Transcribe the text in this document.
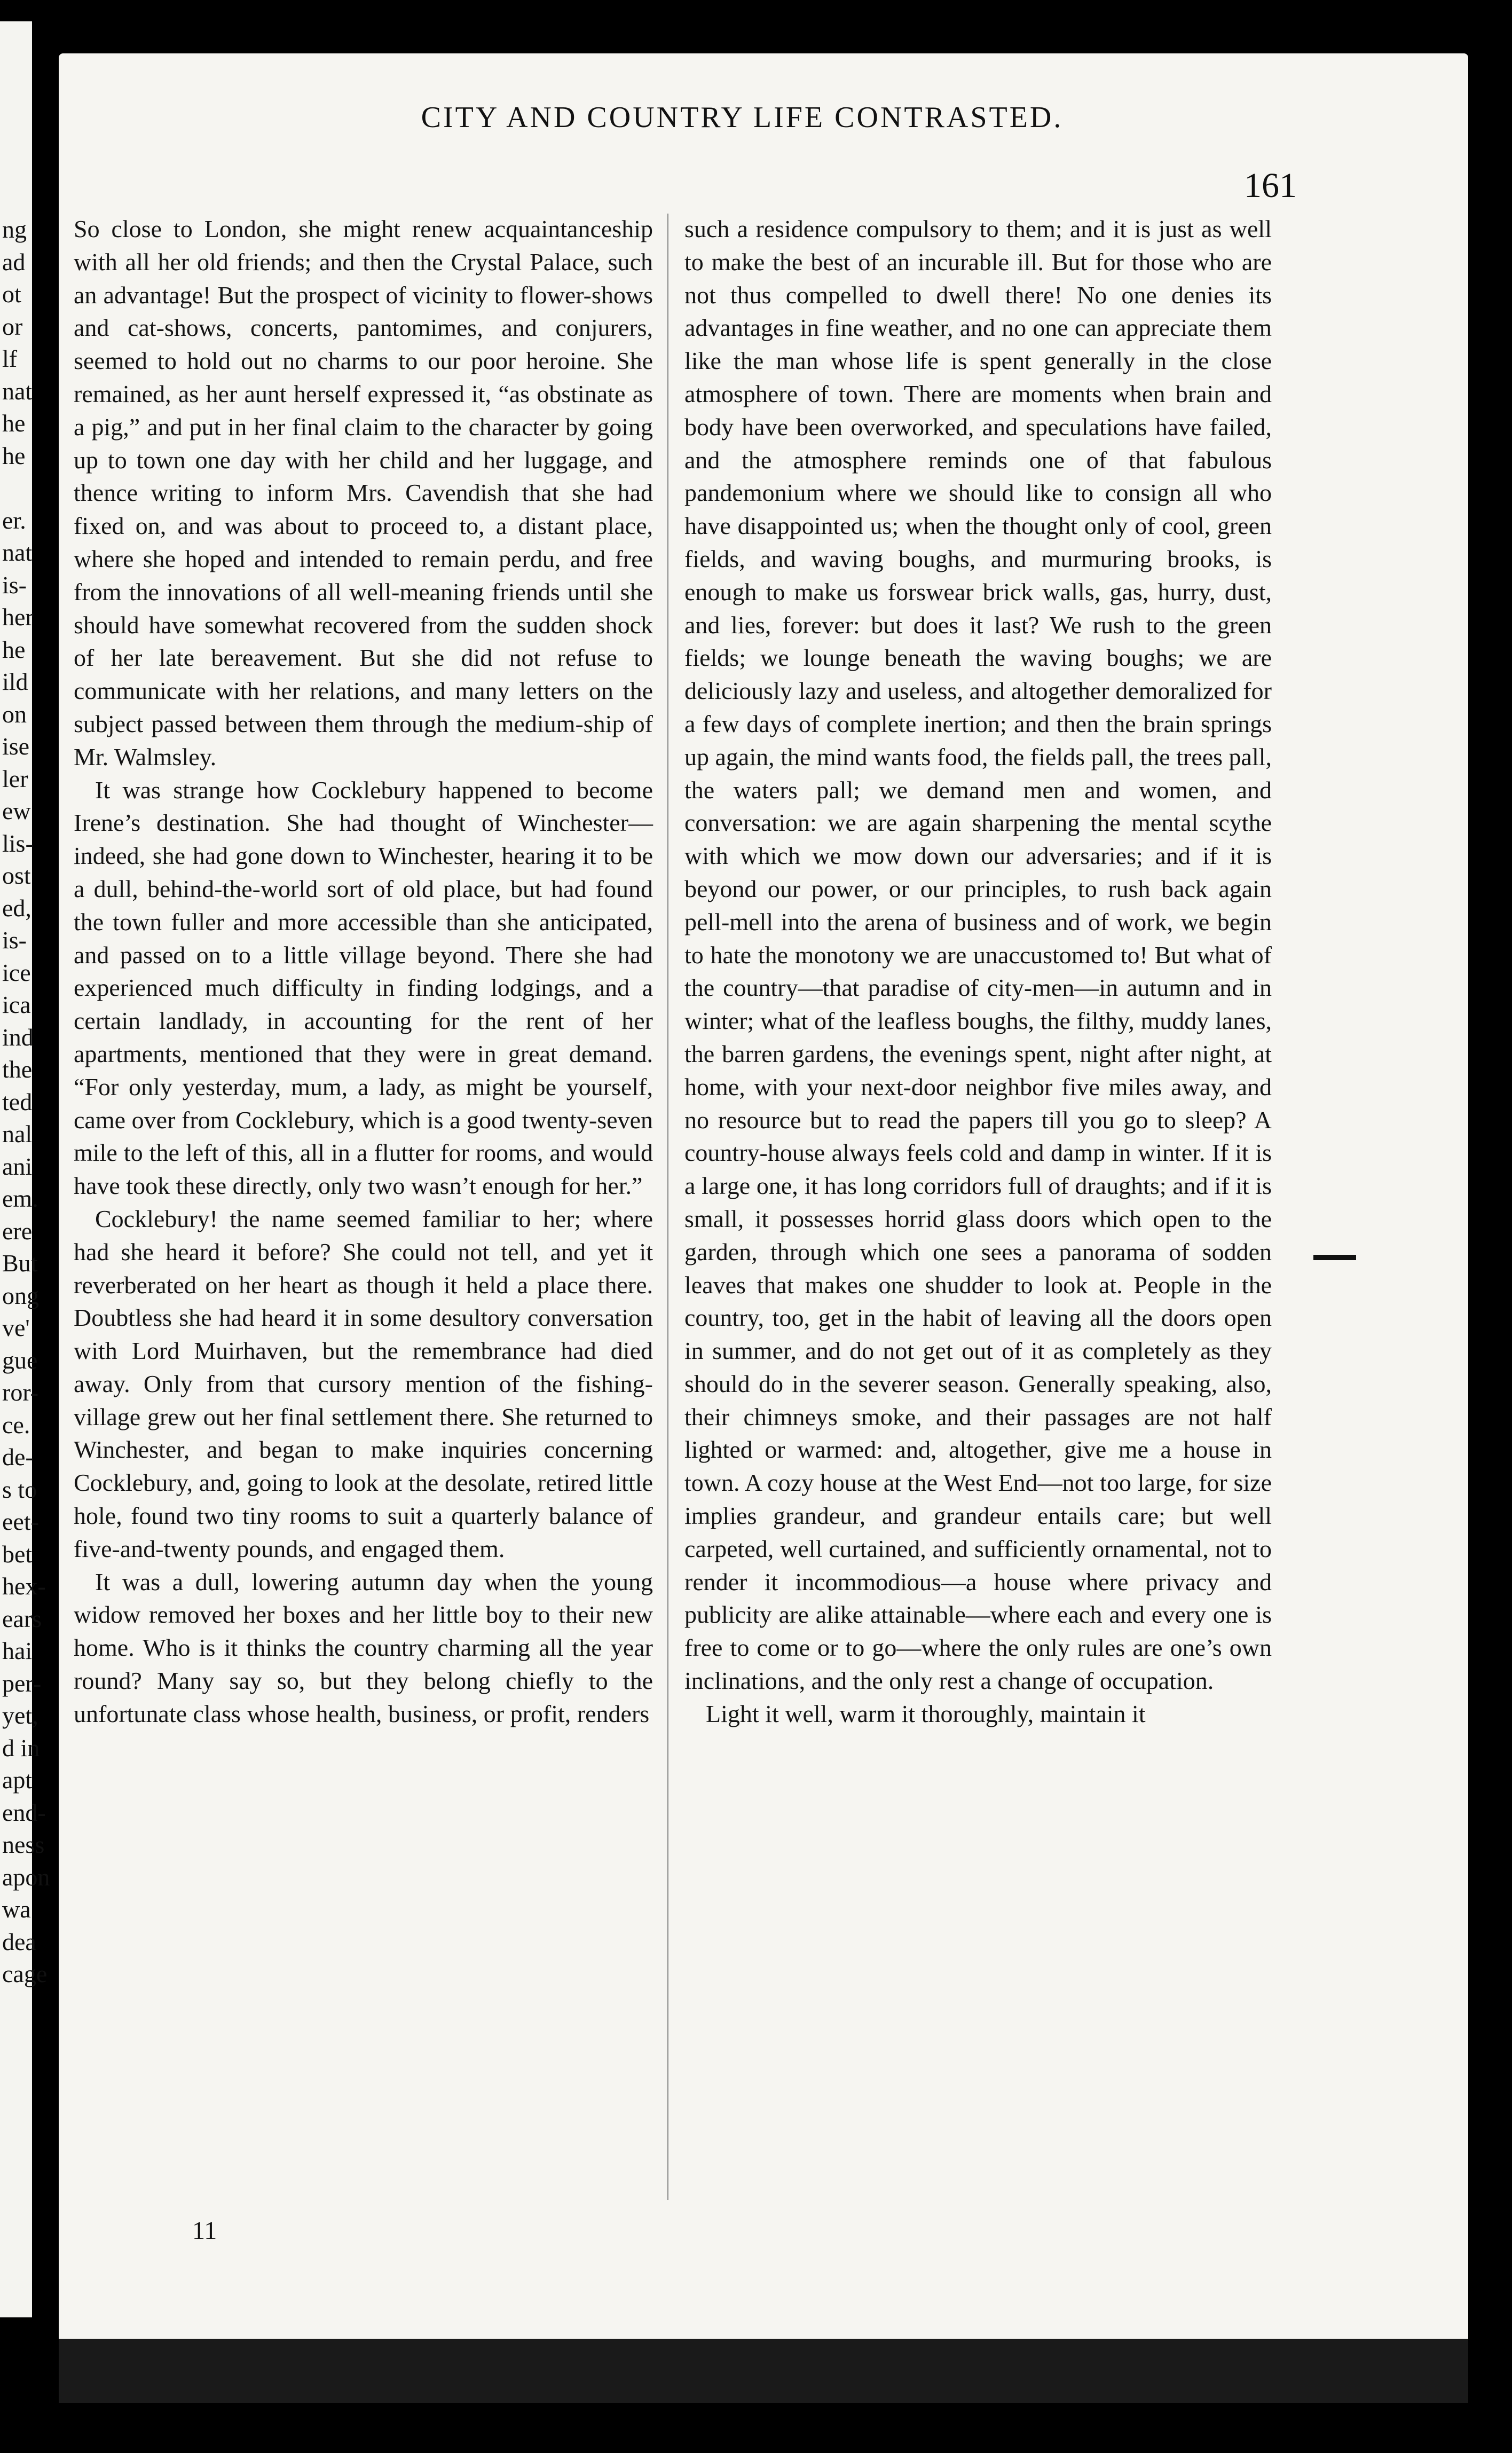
ng
ad
ot
or
lf
nat
he
he

er.
nat
is-
her
he
ild
on
ise
ler
ew
lis-
ost
ed,
is-
ice
ica
ind
the
ted
nal
ani
em.
ere
But
ong
ve'
gue
ror-
ce.
de-
s to
eet-
bet
hex-
ears
hai
per-
yet,
d in
apt
end-
ness
apon
wa
dea
cage
CITY AND COUNTRY LIFE CONTRASTED.
161

So close to London, she might renew acquaintanceship with all her old friends; and then the Crystal Palace, such an advantage! But the prospect of vicinity to flower-shows and cat-shows, concerts, pantomimes, and conjurers, seemed to hold out no charms to our poor heroine. She remained, as her aunt herself expressed it, “as obstinate as a pig,” and put in her final claim to the character by going up to town one day with her child and her luggage, and thence writing to inform Mrs. Cavendish that she had fixed on, and was about to proceed to, a distant place, where she hoped and intended to remain perdu, and free from the innovations of all well-meaning friends until she should have somewhat recovered from the sudden shock of her late bereavement. But she did not refuse to communicate with her relations, and many letters on the subject passed between them through the medium-ship of Mr. Walmsley.

It was strange how Cocklebury happened to become Irene’s destination. She had thought of Winchester—indeed, she had gone down to Winchester, hearing it to be a dull, behind-the-world sort of old place, but had found the town fuller and more accessible than she anticipated, and passed on to a little village beyond. There she had experienced much difficulty in finding lodgings, and a certain landlady, in accounting for the rent of her apartments, mentioned that they were in great demand. “For only yesterday, mum, a lady, as might be yourself, came over from Cocklebury, which is a good twenty-seven mile to the left of this, all in a flutter for rooms, and would have took these directly, only two wasn’t enough for her.”

Cocklebury! the name seemed familiar to her; where had she heard it before? She could not tell, and yet it reverberated on her heart as though it held a place there. Doubtless she had heard it in some desultory conversation with Lord Muirhaven, but the remembrance had died away. Only from that cursory mention of the fishing-village grew out her final settlement there. She returned to Winchester, and began to make inquiries concerning Cocklebury, and, going to look at the desolate, retired little hole, found two tiny rooms to suit a quarterly balance of five-and-twenty pounds, and engaged them.

It was a dull, lowering autumn day when the young widow removed her boxes and her little boy to their new home. Who is it thinks the country charming all the year round? Many say so, but they belong chiefly to the unfortunate class whose health, business, or profit, renders

such a residence compulsory to them; and it is just as well to make the best of an incurable ill. But for those who are not thus compelled to dwell there! No one denies its advantages in fine weather, and no one can appreciate them like the man whose life is spent generally in the close atmosphere of town. There are moments when brain and body have been overworked, and speculations have failed, and the atmosphere reminds one of that fabulous pandemonium where we should like to consign all who have disappointed us; when the thought only of cool, green fields, and waving boughs, and murmuring brooks, is enough to make us forswear brick walls, gas, hurry, dust, and lies, forever: but does it last? We rush to the green fields; we lounge beneath the waving boughs; we are deliciously lazy and useless, and altogether demoralized for a few days of complete inertion; and then the brain springs up again, the mind wants food, the fields pall, the trees pall, the waters pall; we demand men and women, and conversation: we are again sharpening the mental scythe with which we mow down our adversaries; and if it is beyond our power, or our principles, to rush back again pell-mell into the arena of business and of work, we begin to hate the monotony we are unaccustomed to! But what of the country—that paradise of city-men—in autumn and in winter; what of the leafless boughs, the filthy, muddy lanes, the barren gardens, the evenings spent, night after night, at home, with your next-door neighbor five miles away, and no resource but to read the papers till you go to sleep? A country-house always feels cold and damp in winter. If it is a large one, it has long corridors full of draughts; and if it is small, it possesses horrid glass doors which open to the garden, through which one sees a panorama of sodden leaves that makes one shudder to look at. People in the country, too, get in the habit of leaving all the doors open in summer, and do not get out of it as completely as they should do in the severer season. Generally speaking, also, their chimneys smoke, and their passages are not half lighted or warmed: and, altogether, give me a house in town. A cozy house at the West End—not too large, for size implies grandeur, and grandeur entails care; but well carpeted, well curtained, and sufficiently ornamental, not to render it incommodious—a house where privacy and publicity are alike attainable—where each and every one is free to come or to go—where the only rules are one’s own inclinations, and the only rest a change of occupation.

Light it well, warm it thoroughly, maintain it

11
